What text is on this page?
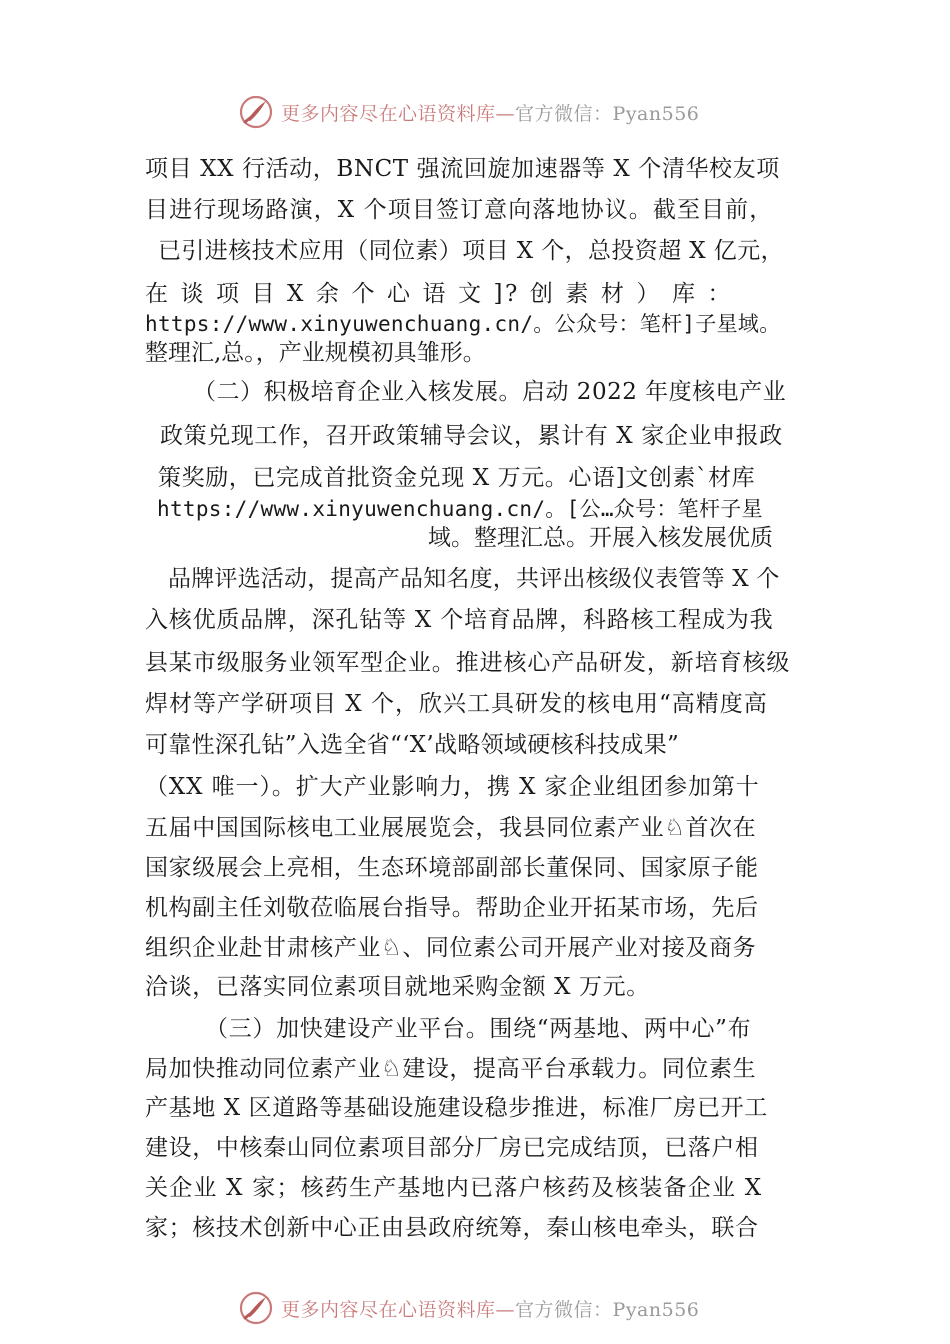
更多内容尽在心语资料库—官方微信：Pyan556
项目 XX 行活动，BNCT 强流回旋加速器等 X 个清华校友项
目进行现场路演，X 个项目签订意向落地协议。截至目前，
已引进核技术应用（同位素）项目 X 个，总投资超 X 亿元，
在 谈 项 目 X 余 个 心 语 文 ]? 创 素 材 ） 库 ：
https://www.xinyuwenchuang.cn/。公众号：笔杆]子星域。
整理汇,总。，产业规模初具雏形。
（二）积极培育企业入核发展。启动 2022 年度核电产业
政策兑现工作，召开政策辅导会议，累计有 X 家企业申报政
策奖励，已完成首批资金兑现 X 万元。心语]文创素`材库
https://www.xinyuwenchuang.cn/。[公…众号：笔杆子星
域。整理汇总。开展入核发展优质
品牌评选活动，提高产品知名度，共评出核级仪表管等 X 个
入核优质品牌，深孔钻等 X 个培育品牌，科路核工程成为我
县某市级服务业领军型企业。推进核心产品研发，新培育核级
焊材等产学研项目 X 个，欣兴工具研发的核电用“高精度高
可靠性深孔钻”入选全省“‘X’战略领域硬核科技成果”
（XX 唯一）。扩大产业影响力，携 X 家企业组团参加第十
五届中国国际核电工业展展览会，我县同位素产业♘首次在
国家级展会上亮相，生态环境部副部长董保同、国家原子能
机构副主任刘敬莅临展台指导。帮助企业开拓某市场，先后
组织企业赴甘肃核产业♘、同位素公司开展产业对接及商务
洽谈，已落实同位素项目就地采购金额 X 万元。
（三）加快建设产业平台。围绕“两基地、两中心”布
局加快推动同位素产业♘建设，提高平台承载力。同位素生
产基地 X 区道路等基础设施建设稳步推进，标准厂房已开工
建设，中核秦山同位素项目部分厂房已完成结顶，已落户相
关企业 X 家；核药生产基地内已落户核药及核装备企业 X
家；核技术创新中心正由县政府统筹，秦山核电牵头，联合
更多内容尽在心语资料库—官方微信：Pyan556
